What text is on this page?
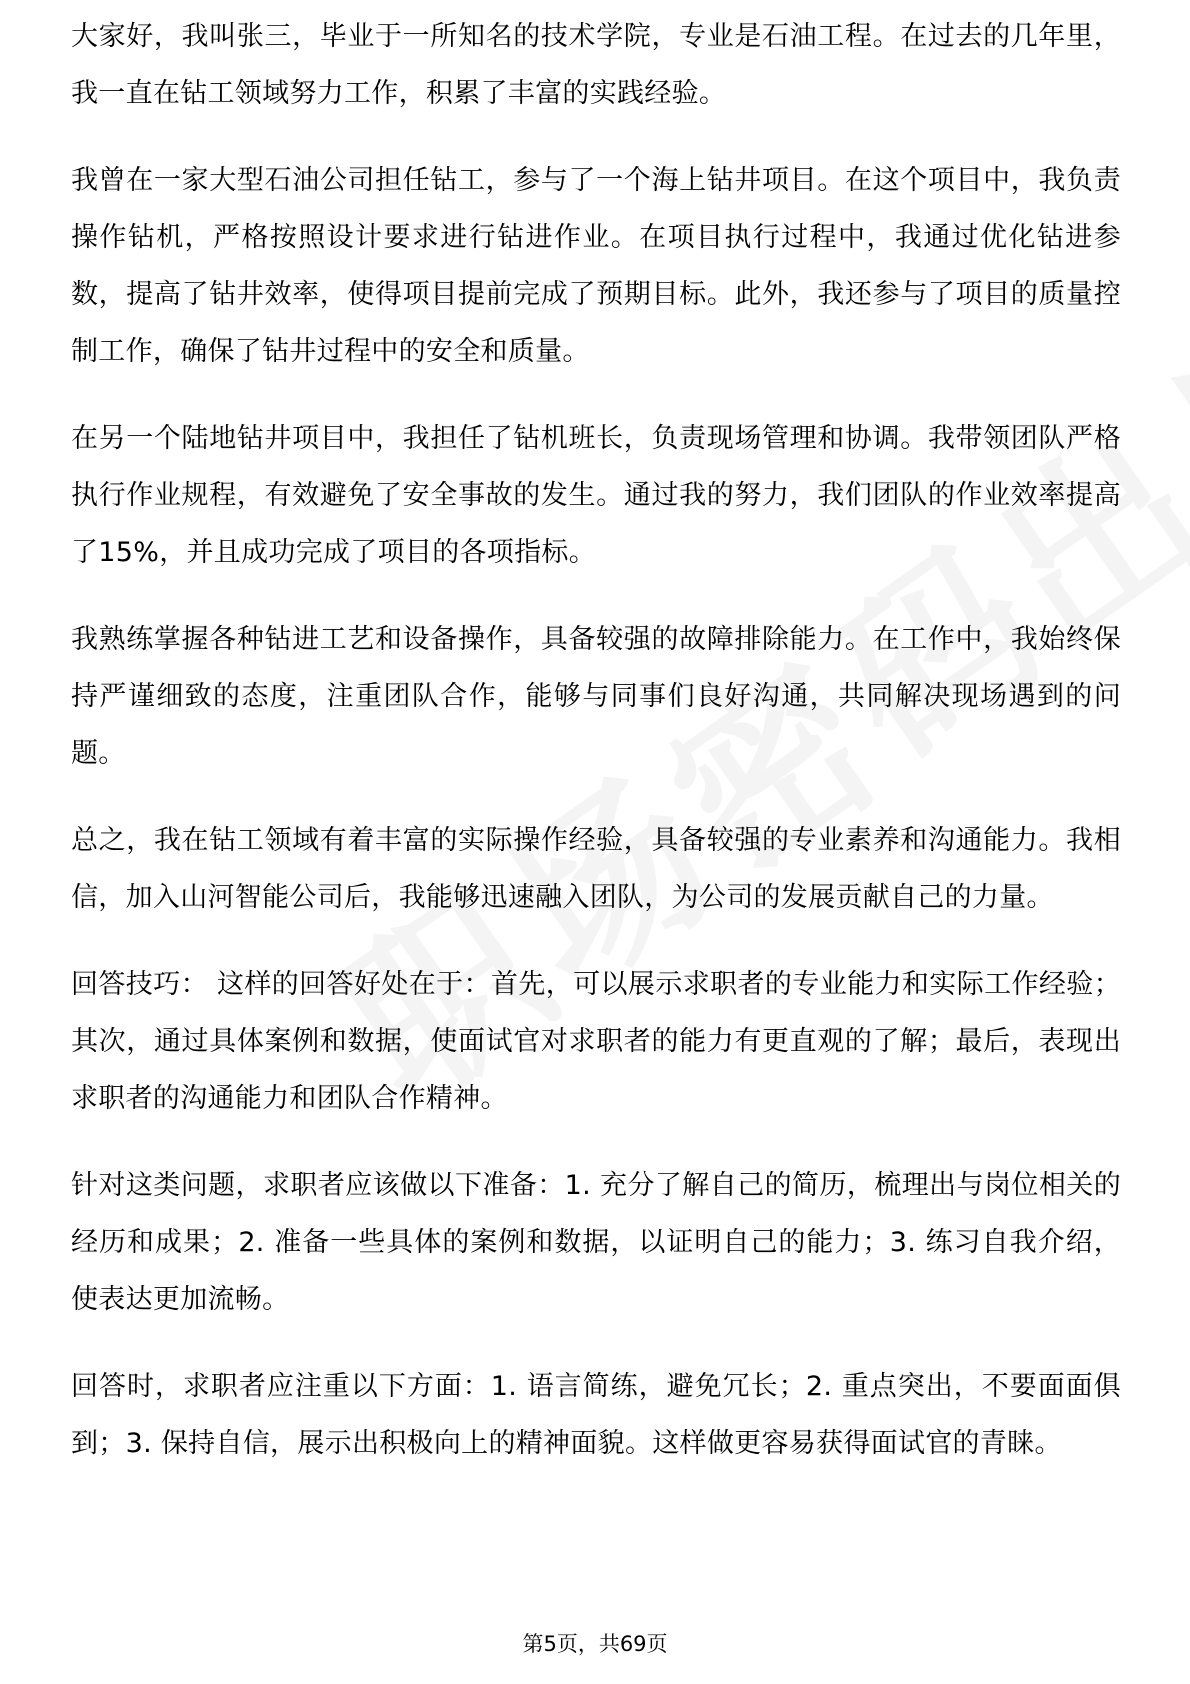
大家好，我叫张三，毕业于一所知名的技术学院，专业是石油工程。在过去的几年里，我一直在钻工领域努力工作，积累了丰富的实践经验。

我曾在一家大型石油公司担任钻工，参与了一个海上钻井项目。在这个项目中，我负责操作钻机，严格按照设计要求进行钻进作业。在项目执行过程中，我通过优化钻进参数，提高了钻井效率，使得项目提前完成了预期目标。此外，我还参与了项目的质量控制工作，确保了钻井过程中的安全和质量。

在另一个陆地钻井项目中，我担任了钻机班长，负责现场管理和协调。我带领团队严格执行作业规程，有效避免了安全事故的发生。通过我的努力，我们团队的作业效率提高了15%，并且成功完成了项目的各项指标。

我熟练掌握各种钻进工艺和设备操作，具备较强的故障排除能力。在工作中，我始终保持严谨细致的态度，注重团队合作，能够与同事们良好沟通，共同解决现场遇到的问题。

总之，我在钻工领域有着丰富的实际操作经验，具备较强的专业素养和沟通能力。我相信，加入山河智能公司后，我能够迅速融入团队，为公司的发展贡献自己的力量。

回答技巧： 这样的回答好处在于：首先，可以展示求职者的专业能力和实际工作经验；其次，通过具体案例和数据，使面试官对求职者的能力有更直观的了解；最后，表现出求职者的沟通能力和团队合作精神。

针对这类问题，求职者应该做以下准备：1. 充分了解自己的简历，梳理出与岗位相关的经历和成果；2. 准备一些具体的案例和数据，以证明自己的能力；3. 练习自我介绍，使表达更加流畅。

回答时，求职者应注重以下方面：1. 语言简练，避免冗长；2. 重点突出，不要面面俱到；3. 保持自信，展示出积极向上的精神面貌。这样做更容易获得面试官的青睐。

第5页，共69页
